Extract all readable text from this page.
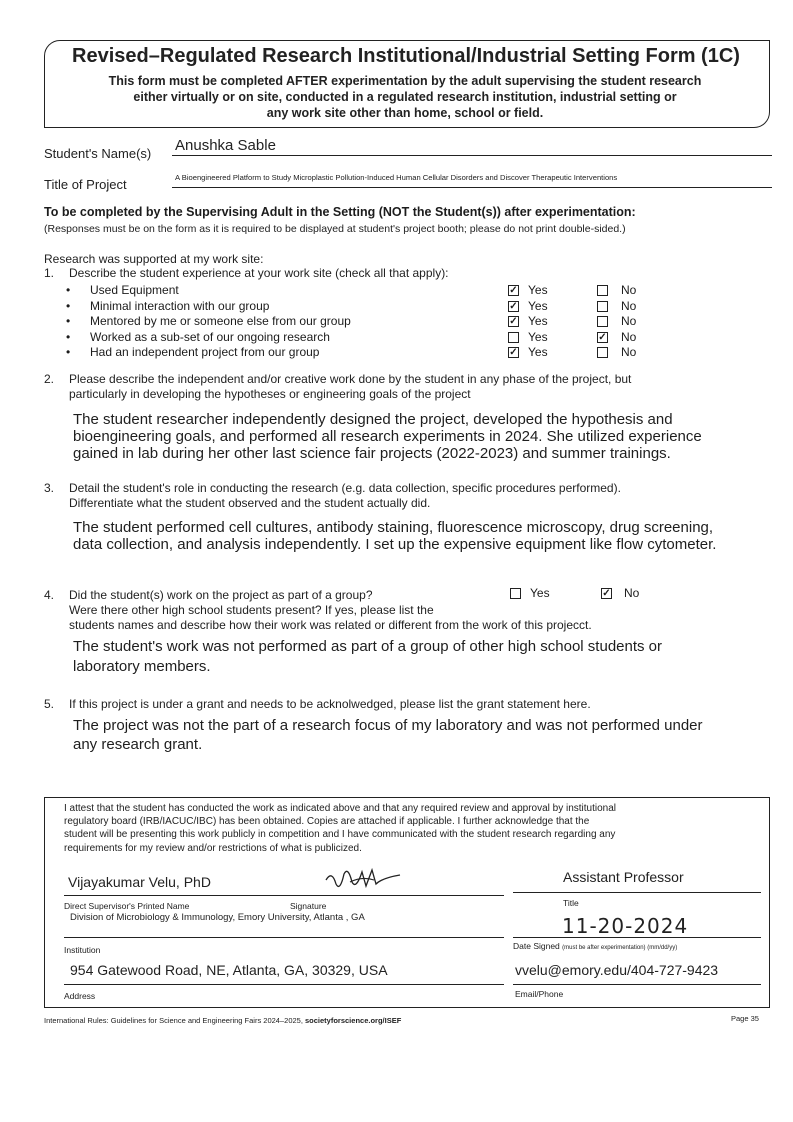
Revised–Regulated Research Institutional/Industrial Setting Form (1C)
This form must be completed AFTER experimentation by the adult supervising the student research
either virtually or on site, conducted in a regulated research institution, industrial setting or
any work site other than home, school or field.
Student's Name(s) Anushka Sable
Title of Project	A Bioengineered Platform to Study Microplastic Pollution-Induced Human Cellular Disorders and Discover Therapeutic Interventions
To be completed by the Supervising Adult in the Setting (NOT the Student(s)) after experimentation:
(Responses must be on the form as it is required to be displayed at student's project booth; please do not print double-sided.)
Research was supported at my work site:
1. Describe the student experience at your work site (check all that apply):
• Used Equipment	✓ Yes	No
• Minimal interaction with our group	✓ Yes	No
• Mentored by me or someone else from our group	✓ Yes	No
• Worked as a sub-set of our ongoing research	Yes	✓ No
• Had an independent project from our group	✓ Yes	No
2. Please describe the independent and/or creative work done by the student in any phase of the project, but
particularly in developing the hypotheses or engineering goals of the project
The student researcher independently designed the project, developed the hypothesis and
bioengineering goals, and performed all research experiments in 2024. She utilized experience
gained in lab during her other last science fair projects (2022-2023) and summer trainings.
3. Detail the student's role in conducting the research (e.g. data collection, specific procedures performed).
Differentiate what the student observed and the student actually did.
The student performed cell cultures, antibody staining, fluorescence microscopy, drug screening,
data collection, and analysis independently. I set up the expensive equipment like flow cytometer.
4. Did the student(s) work on the project as part of a group?	Yes	✓ No
Were there other high school students present? If yes, please list the
students names and describe how their work was related or different from the work of this projecct.
The student's work was not performed as part of a group of other high school students or
laboratory members.
5. If this project is under a grant and needs to be acknolwedged, please list the grant statement here.
The project was not the part of a research focus of my laboratory and was not performed under
any research grant.
I attest that the student has conducted the work as indicated above and that any required review and approval by institutional
regulatory board (IRB/IACUC/IBC) has been obtained. Copies are attached if applicable. I further acknowledge that the
student will be presenting this work publicly in competition and I have communicated with the student research regarding any
requirements for my review and/or restrictions of what is publicized.
Vijayakumar Velu, PhD	Assistant Professor
Direct Supervisor's Printed Name	Signature
Division of Microbiology & Immunology, Emory University, Atlanta , GA
Title
11-20-2024
Institution	Date Signed (must be after experimentation) (mm/dd/yy)
954 Gatewood Road, NE, Atlanta, GA, 30329, USA	vvelu@emory.edu/404-727-9423
Address	Email/Phone
International Rules: Guidelines for Science and Engineering Fairs 2024–2025, societyforscience.org/ISEF	Page 35
